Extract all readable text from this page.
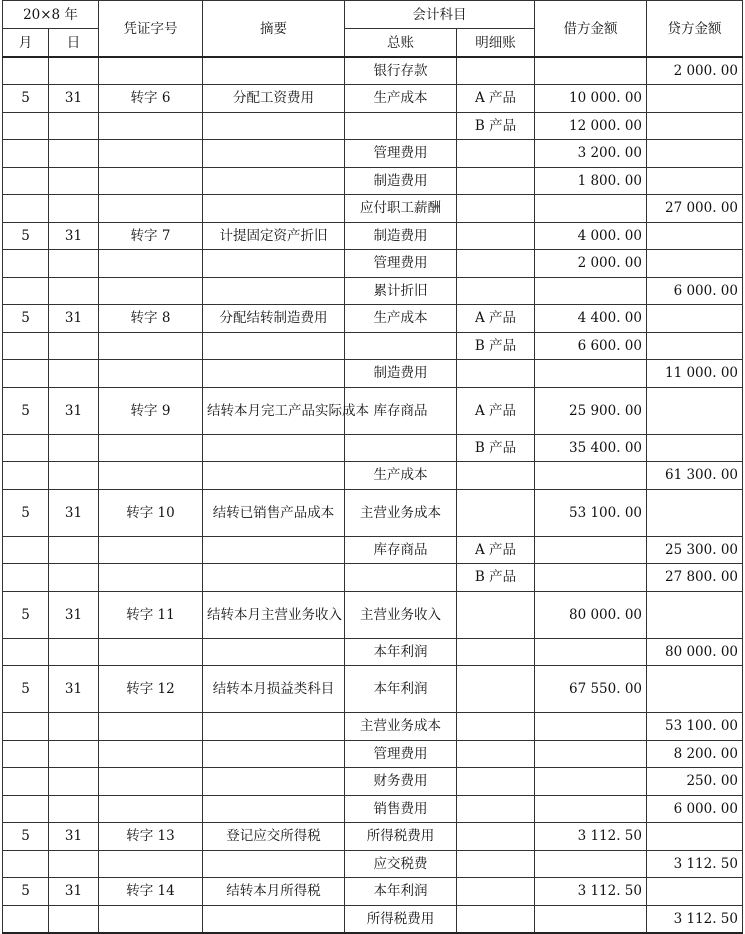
20×8 年		凭证字号	摘要	会计科目		借方金额	贷方金额
月	日			总账	明细账		
				银行存款			2 000. 00
5	31	转字 6	分配工资费用	生产成本	A 产品	10 000. 00	
					B 产品	12 000. 00	
				管理费用		3 200. 00	
				制造费用		1 800. 00	
				应付职工薪酬			27 000. 00
5	31	转字 7	计提固定资产折旧	制造费用		4 000. 00	
				管理费用		2 000. 00	
				累计折旧			6 000. 00
5	31	转字 8	分配结转制造费用	生产成本	A 产品	4 400. 00	
					B 产品	6 600. 00	
				制造费用			11 000. 00
5	31	转字 9	结转本月完工产品实际成本	库存商品	A 产品	25 900. 00	
					B 产品	35 400. 00	
				生产成本			61 300. 00
5	31	转字 10	结转已销售产品成本	主营业务成本		53 100. 00	
				库存商品	A 产品		25 300. 00
					B 产品		27 800. 00
5	31	转字 11	结转本月主营业务收入	主营业务收入		80 000. 00	
				本年利润			80 000. 00
5	31	转字 12	结转本月损益类科目	本年利润		67 550. 00	
				主营业务成本			53 100. 00
				管理费用			8 200. 00
				财务费用			250. 00
				销售费用			6 000. 00
5	31	转字 13	登记应交所得税	所得税费用		3 112. 50	
				应交税费			3 112. 50
5	31	转字 14	结转本月所得税	本年利润		3 112. 50	
				所得税费用			3 112. 50
